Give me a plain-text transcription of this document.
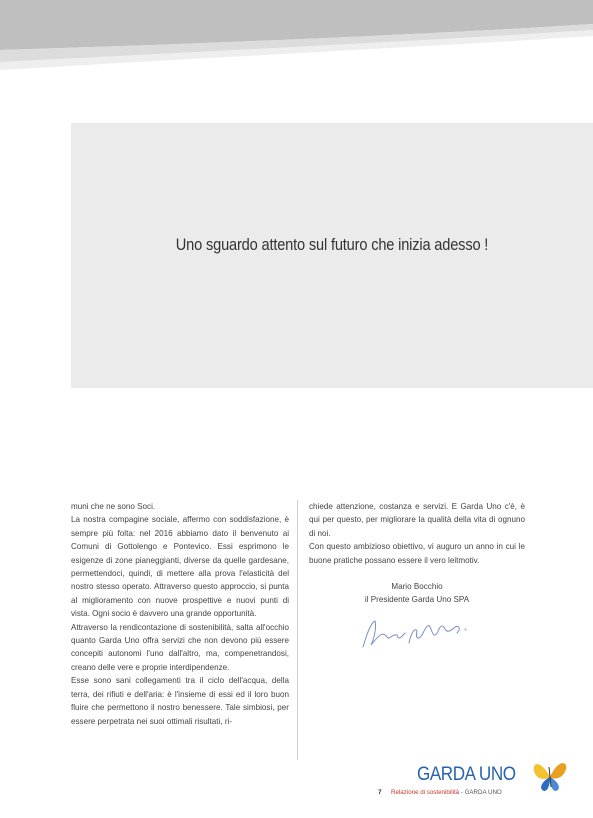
Uno sguardo attento sul futuro che inizia adesso !

muni che ne sono Soci.

La nostra compagine sociale, affermo con soddisfazione, è sempre più folta: nel 2016 abbiamo dato il benvenuto ai Comuni di Gottolengo e Pontevico. Essi esprimono le esigenze di zone pianeggianti, diverse da quelle gardesane, permettendoci, quindi, di mettere alla prova l'elasticità del nostro stesso operato. Attraverso questo approccio, si punta al miglioramento con nuove prospettive e nuovi punti di vista. Ogni socio è davvero una grande opportunità.

Attraverso la rendicontazione di sostenibilità, salta all'occhio quanto Garda Uno offra servizi che non devono più essere concepiti autonomi l'uno dall'altro, ma, compenetrandosi, creano delle vere e proprie interdipendenze.

Esse sono sani collegamenti tra il ciclo dell'acqua, della terra, dei rifiuti e dell'aria: è l'insieme di essi ed il loro buon fluire che permettono il nostro benessere. Tale simbiosi, per essere perpetrata nei suoi ottimali risultati, ri-

chiede attenzione, costanza e servizi. E Garda Uno c'è, è qui per questo, per migliorare la qualità della vita di ognuno di noi.

Con questo ambizioso obiettivo, vi auguro un anno in cui le buone pratiche possano essere il vero leitmotiv.

Mario Bocchio
il Presidente Garda Uno SPA
GARDA UNO
7 Relazione di sostenibilità - GARDA UNO
